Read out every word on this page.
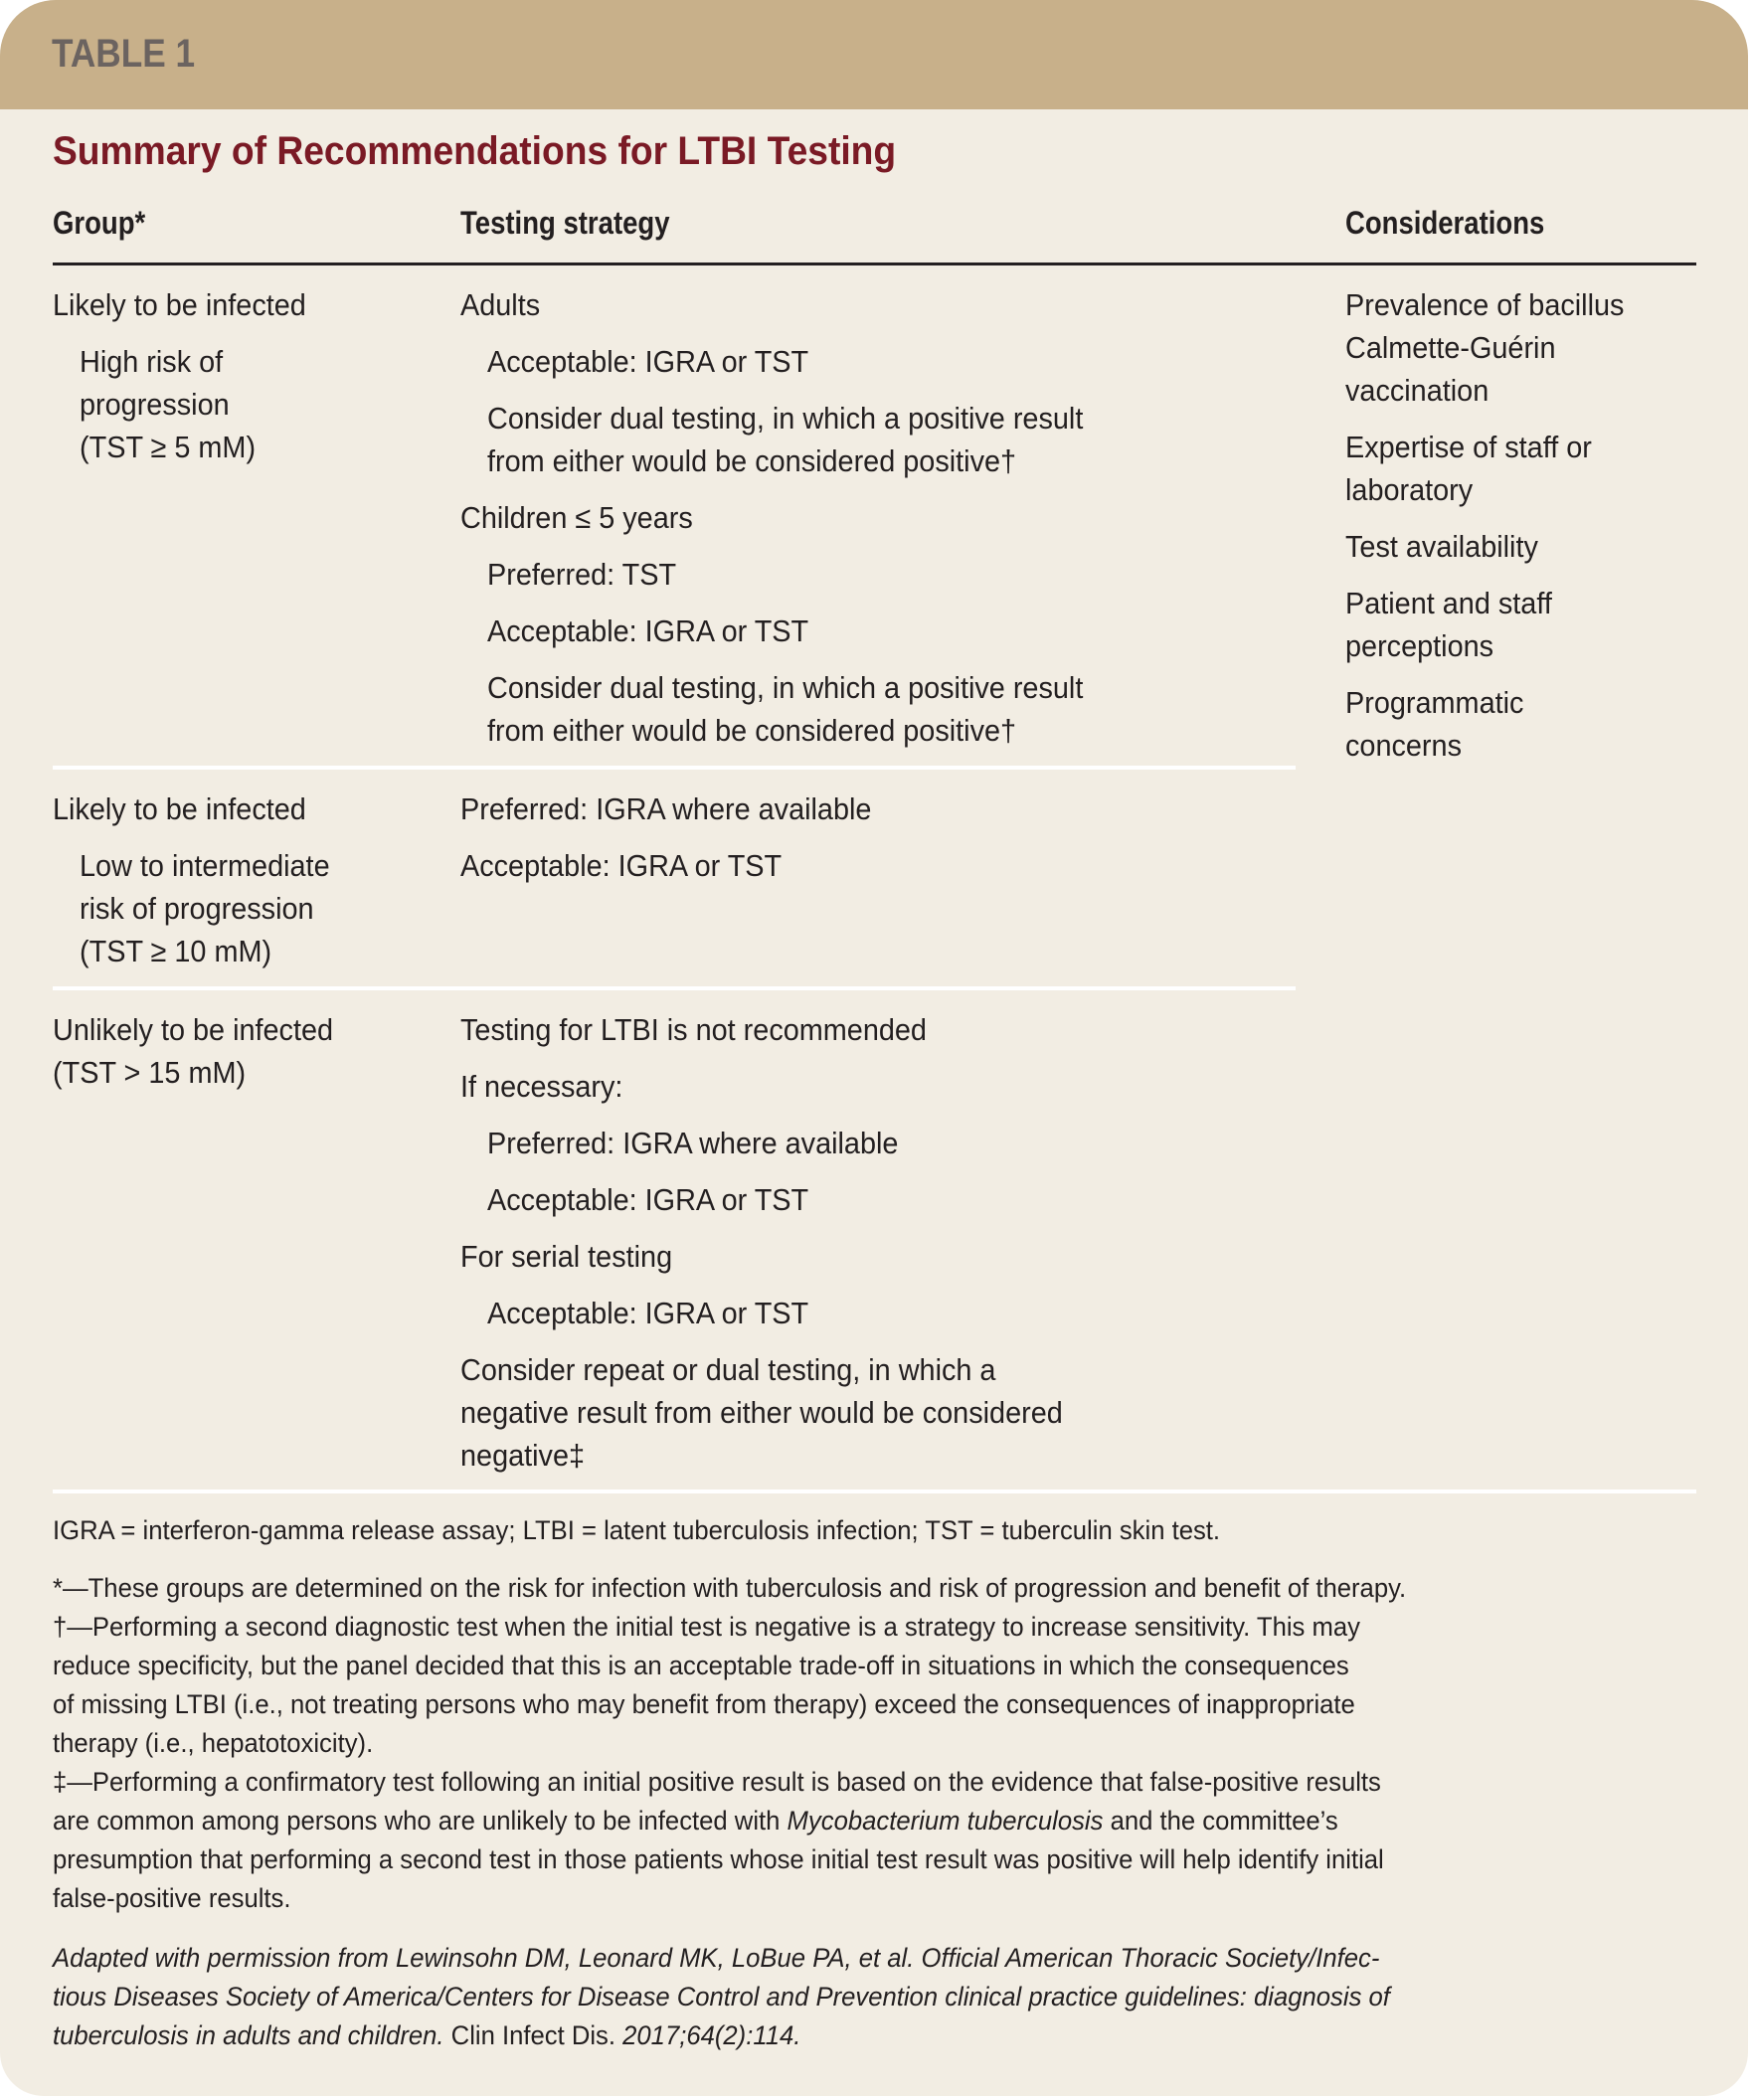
TABLE 1
Summary of Recommendations for LTBI Testing
Group*	Testing strategy	Considerations
Likely to be infected
High risk of
progression
(TST ≥ 5 mM)
Adults
Acceptable: IGRA or TST
Consider dual testing, in which a positive result
from either would be considered positive†
Children ≤ 5 years
Preferred: TST
Acceptable: IGRA or TST
Consider dual testing, in which a positive result
from either would be considered positive†
Likely to be infected
Low to intermediate
risk of progression
(TST ≥ 10 mM)
Preferred: IGRA where available
Acceptable: IGRA or TST
Unlikely to be infected
(TST > 15 mM)
Testing for LTBI is not recommended
If necessary:
Preferred: IGRA where available
Acceptable: IGRA or TST
For serial testing
Acceptable: IGRA or TST
Consider repeat or dual testing, in which a
negative result from either would be considered
negative‡
Prevalence of bacillus
Calmette-Guérin
vaccination
Expertise of staff or
laboratory
Test availability
Patient and staff
perceptions
Programmatic
concerns
IGRA = interferon-gamma release assay; LTBI = latent tuberculosis infection; TST = tuberculin skin test.
*—These groups are determined on the risk for infection with tuberculosis and risk of progression and benefit of therapy.
†—Performing a second diagnostic test when the initial test is negative is a strategy to increase sensitivity. This may
reduce specificity, but the panel decided that this is an acceptable trade-off in situations in which the consequences
of missing LTBI (i.e., not treating persons who may benefit from therapy) exceed the consequences of inappropriate
therapy (i.e., hepatotoxicity).
‡—Performing a confirmatory test following an initial positive result is based on the evidence that false-positive results
are common among persons who are unlikely to be infected with Mycobacterium tuberculosis and the committee’s
presumption that performing a second test in those patients whose initial test result was positive will help identify initial
false-positive results.
Adapted with permission from Lewinsohn DM, Leonard MK, LoBue PA, et al. Official American Thoracic Society/Infec-
tious Diseases Society of America/Centers for Disease Control and Prevention clinical practice guidelines: diagnosis of
tuberculosis in adults and children. Clin Infect Dis. 2017;64(2):114.
